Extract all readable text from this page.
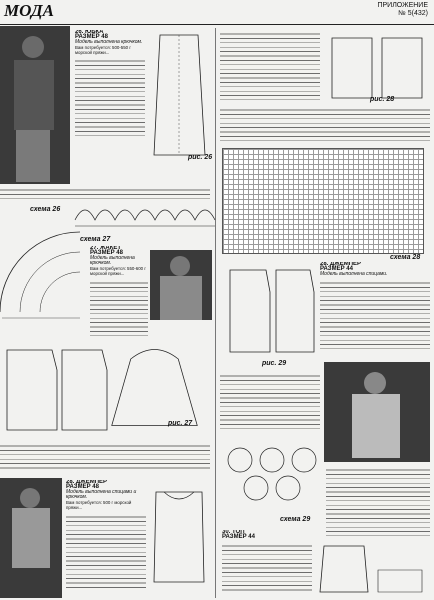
МОДА	ПРИЛОЖЕНИЕ
№ 5(432)
26. ЮБКА
РАЗМЕР 48
Модель выполнена крючком.
Вам потребуется: 500-550 г морской пряжи...
рис. 26
схема 26
схема 27
27. ЖАКЕТ
РАЗМЕР 48
Модель выполнена крючком.
Вам потребуется: 550-600 г морской пряжи...
рис. 27
28. ДЖЕМПЕР
РАЗМЕР 48
Модель выполнена спицами и крючком.
Вам потребуется: 500 г морской пряжи...
рис. 28
схема 28
28. ДЖЕМПЕР
РАЗМЕР 44
Модель выполнена спицами.
рис. 29
схема 29
30. ТОП
РАЗМЕР 44
